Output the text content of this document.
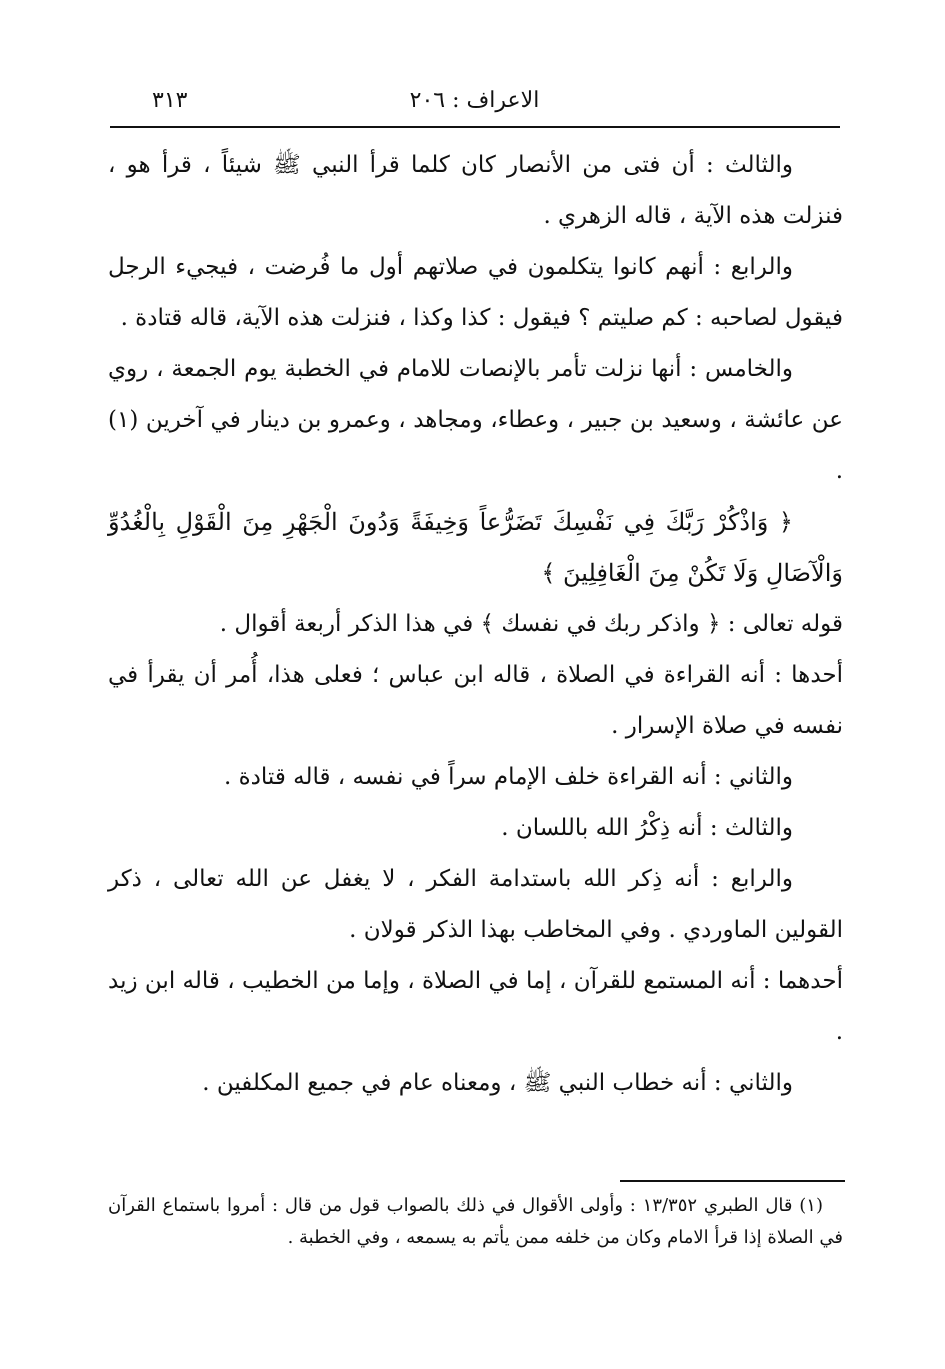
الاعراف : ٢٠٦
٣١٣

والثالث : أن فتى من الأنصار كان كلما قرأ النبي ﷺ شيئاً ، قرأ هو ، فنزلت هذه الآية ، قاله الزهري .

والرابع : أنهم كانوا يتكلمون في صلاتهم أول ما فُرضت ، فيجيء الرجل فيقول لصاحبه : كم صليتم ؟ فيقول : كذا وكذا ، فنزلت هذه الآية، قاله قتادة .

والخامس : أنها نزلت تأمر بالإنصات للامام في الخطبة يوم الجمعة ، روي عن عائشة ، وسعيد بن جبير ، وعطاء، ومجاهد ، وعمرو بن دينار في آخرين (١) .

﴿ وَاذْكُرْ رَبَّكَ فِي نَفْسِكَ تَضَرُّعاً وَخِيفَةً وَدُونَ الْجَهْرِ مِنَ الْقَوْلِ بِالْغُدُوِّ وَالْآصَالِ وَلَا تَكُنْ مِنَ الْغَافِلِينَ ﴾

قوله تعالى : ﴿ واذكر ربك في نفسك ﴾ في هذا الذكر أربعة أقوال .

أحدها : أنه القراءة في الصلاة ، قاله ابن عباس ؛ فعلى هذا، أُمر أن يقرأ في نفسه في صلاة الإسرار .

والثاني : أنه القراءة خلف الإمام سراً في نفسه ، قاله قتادة .

والثالث : أنه ذِكْرُ الله باللسان .

والرابع : أنه ذِكر الله باستدامة الفكر ، لا يغفل عن الله تعالى ، ذكر القولين الماوردي . وفي المخاطب بهذا الذكر قولان .

أحدهما : أنه المستمع للقرآن ، إما في الصلاة ، وإما من الخطيب ، قاله ابن زيد .

والثاني : أنه خطاب النبي ﷺ ، ومعناه عام في جميع المكلفين .

(١) قال الطبري ١٣/٣٥٢ : وأولى الأقوال في ذلك بالصواب قول من قال : أمروا باستماع القرآن في الصلاة إذا قرأ الامام وكان من خلفه ممن يأتم به يسمعه ، وفي الخطبة .
